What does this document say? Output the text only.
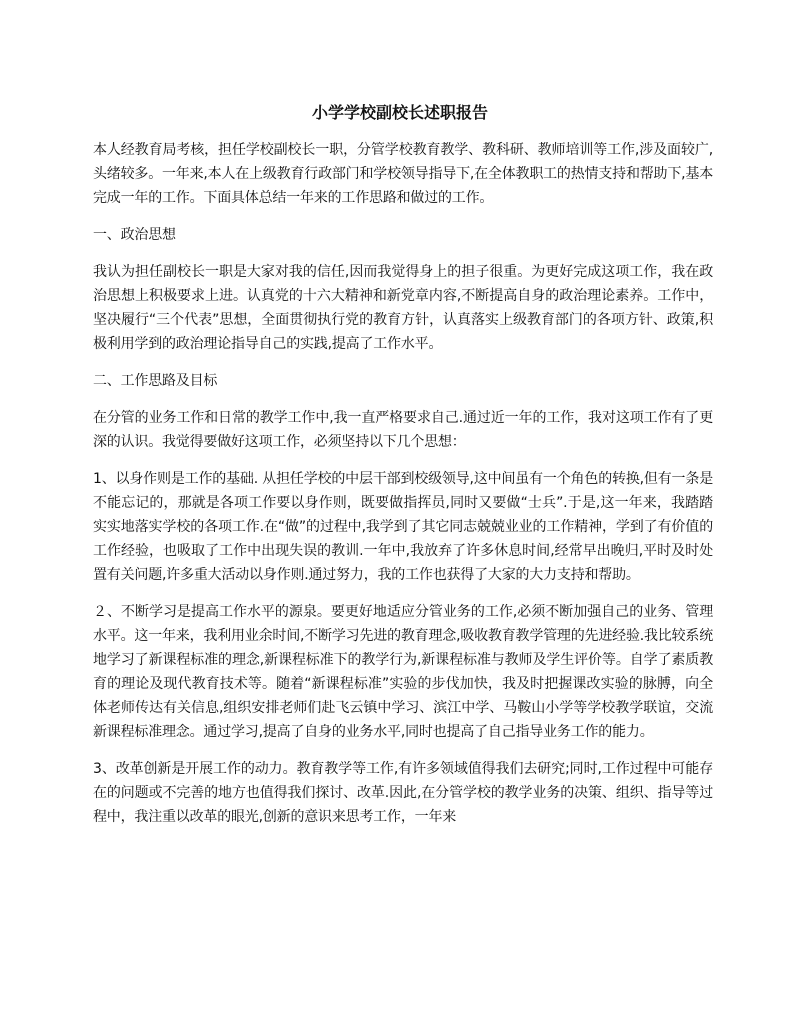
小学学校副校长述职报告

本人经教育局考核，担任学校副校长一职，分管学校教育教学、教科研、教师培训等工作,涉及面较广,头绪较多。一年来,本人在上级教育行政部门和学校领导指导下,在全体教职工的热情支持和帮助下,基本完成一年的工作。下面具体总结一年来的工作思路和做过的工作。

一、政治思想

我认为担任副校长一职是大家对我的信任,因而我觉得身上的担子很重。为更好完成这项工作，我在政治思想上积极要求上进。认真党的十六大精神和新党章内容,不断提高自身的政治理论素养。工作中，坚决履行“三个代表”思想，全面贯彻执行党的教育方针，认真落实上级教育部门的各项方针、政策,积极利用学到的政治理论指导自己的实践,提高了工作水平。

二、工作思路及目标

在分管的业务工作和日常的教学工作中,我一直严格要求自己.通过近一年的工作，我对这项工作有了更深的认识。我觉得要做好这项工作，必须坚持以下几个思想：

1、以身作则是工作的基础. 从担任学校的中层干部到校级领导,这中间虽有一个角色的转换,但有一条是不能忘记的，那就是各项工作要以身作则，既要做指挥员,同时又要做“士兵”.于是,这一年来，我踏踏实实地落实学校的各项工作.在“做”的过程中,我学到了其它同志兢兢业业的工作精神，学到了有价值的工作经验，也吸取了工作中出现失误的教训.一年中,我放弃了许多休息时间,经常早出晚归,平时及时处置有关问题,许多重大活动以身作则.通过努力，我的工作也获得了大家的大力支持和帮助。

２、不断学习是提高工作水平的源泉。要更好地适应分管业务的工作,必须不断加强自己的业务、管理水平。这一年来，我利用业余时间,不断学习先进的教育理念,吸收教育教学管理的先进经验.我比较系统地学习了新课程标准的理念,新课程标准下的教学行为,新课程标准与教师及学生评价等。自学了素质教育的理论及现代教育技术等。随着“新课程标准”实验的步伐加快，我及时把握课改实验的脉膊，向全体老师传达有关信息,组织安排老师们赴飞云镇中学习、滨江中学、马鞍山小学等学校教学联谊，交流新课程标准理念。通过学习,提高了自身的业务水平,同时也提高了自己指导业务工作的能力。

3、改革创新是开展工作的动力。教育教学等工作,有许多领域值得我们去研究;同时,工作过程中可能存在的问题或不完善的地方也值得我们探讨、改革.因此,在分管学校的教学业务的决策、组织、指导等过程中，我注重以改革的眼光,创新的意识来思考工作，一年来
